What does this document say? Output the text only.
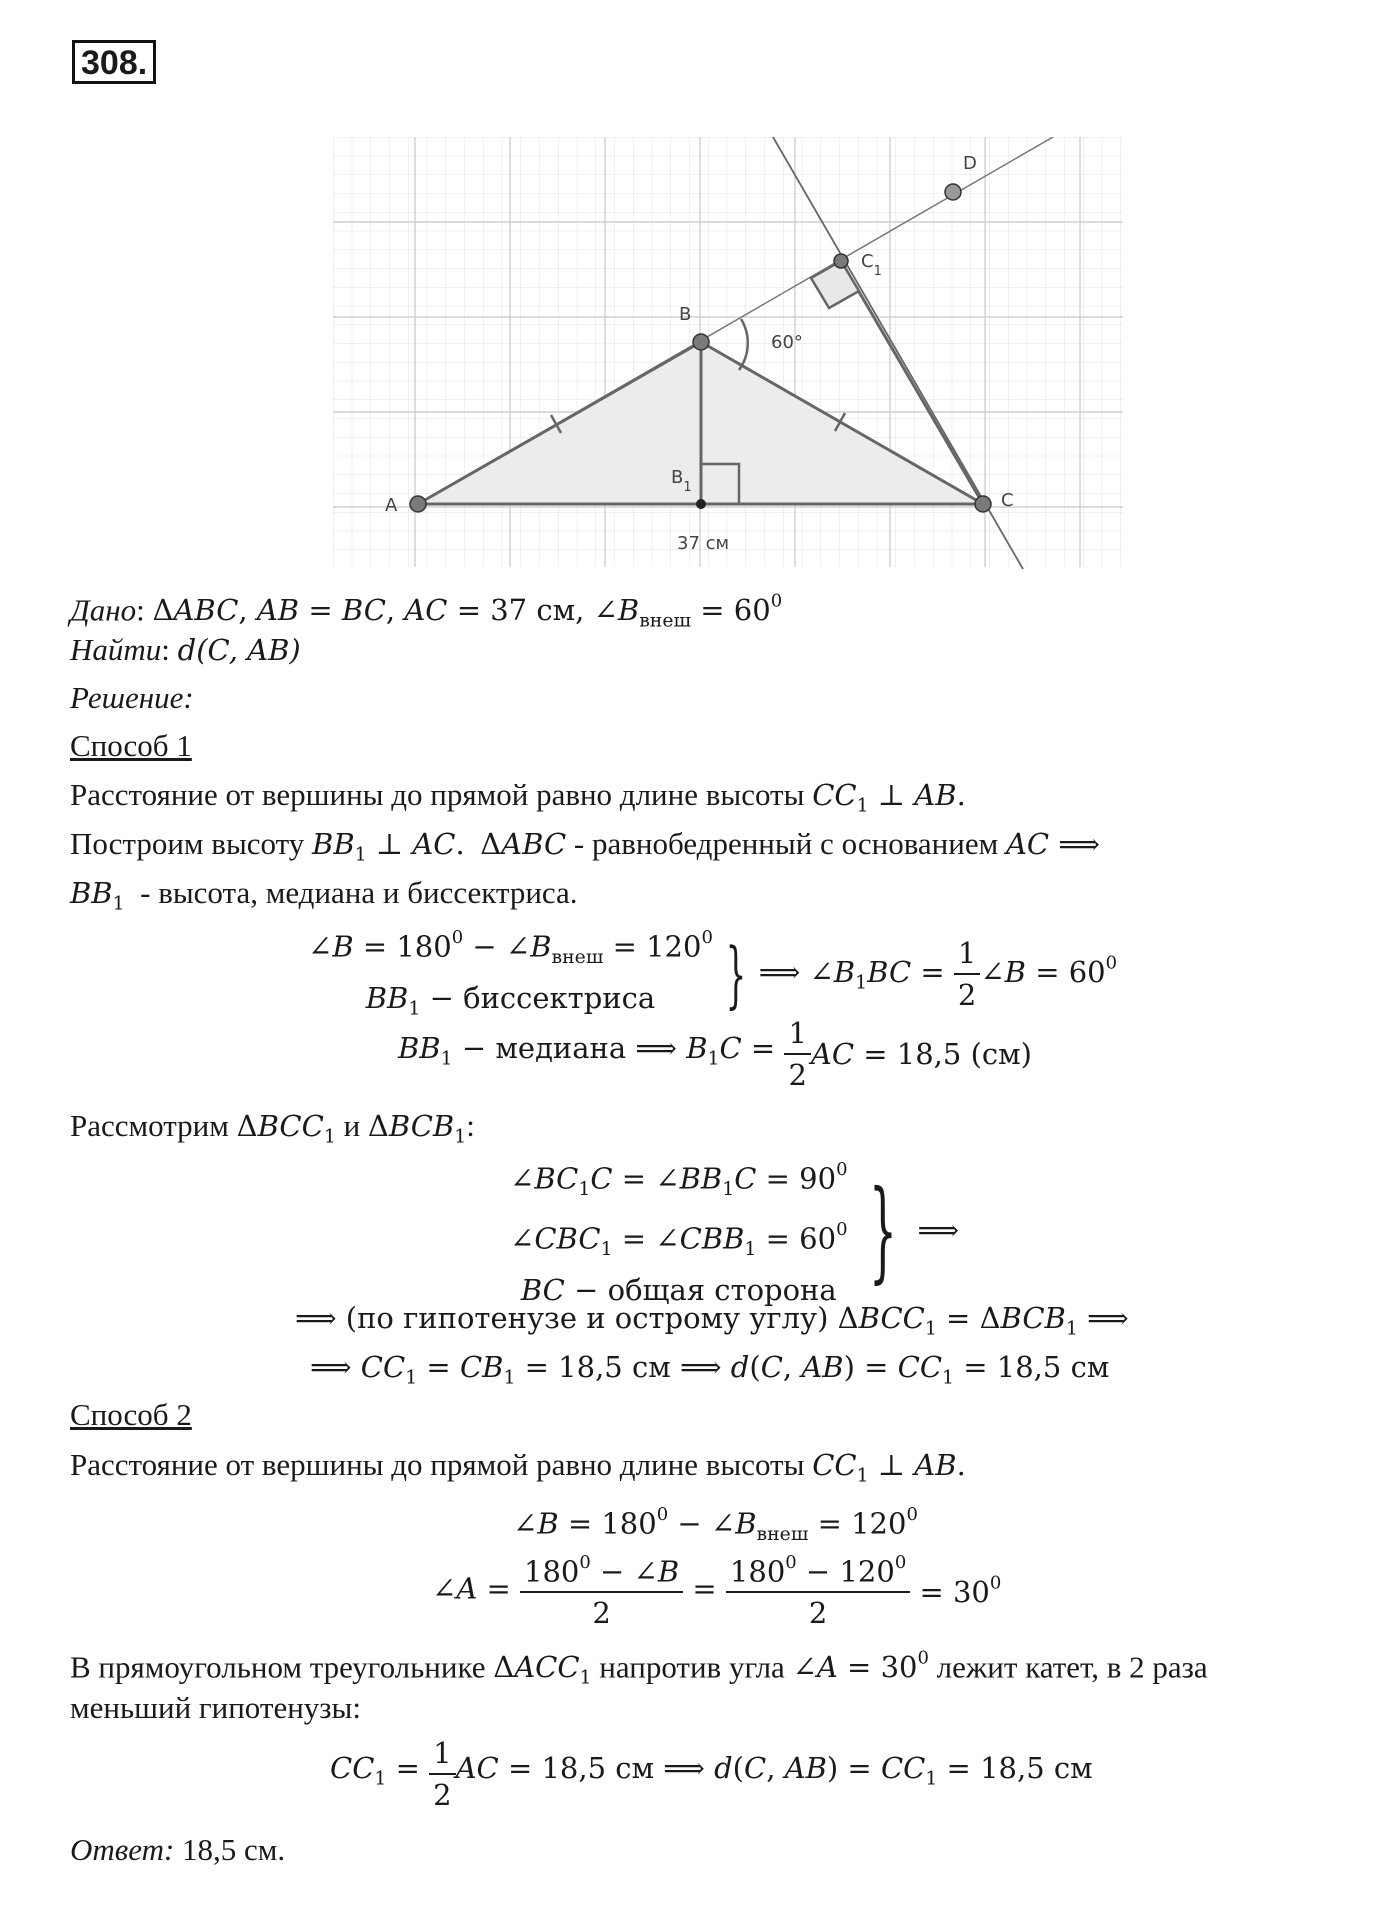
308.
A
B
C
D
$C_1$
$B_1$
60°
37 см
Дано: ΔABC, AB = BC, AC = 37 см, $\angle B_{внеш} = 60^0$
Найти: d(C, AB)
Решение:
Способ 1
Расстояние от вершины до прямой равно длине высоты $CC_1$ ⊥ AB.
Построим высоту $BB_1$ ⊥ AC. ΔABC - равнобедренный с основанием AC ⟹
$BB_1$  - высота, медиана и биссектриса.
∠B = $180^0$ − $\angle B_{внеш} = 120^0$
$BB_1$ − биссектриса } ⟹ $\angle B_1BC = \frac{1}{2}$ ∠B = $60^0$
$BB_1$ − медиана ⟹ $B_1C = \frac{1}{2}$ AC = 18,5 (см)
Рассмотрим $\Delta BCC_1$ и $\Delta BCB_1$:
$\angle BC_1C$ = $\angle BB_1C = 90^0$
$\angle CBC_1$ = $\angle CBB_1 = 60^0$
BC − общая сторона } ⟹
⟹ (по гипотенузе и острому углу) $\Delta BCC_1 = \Delta BCB_1$ ⟹
⟹ $CC_1 = CB_1 = 18,5$ см ⟹ d(C, $AB) = CC_1 = 18,5$ см
Способ 2
Расстояние от вершины до прямой равно длине высоты $CC_1$ ⊥ AB.
∠B = $180^0$ − $\angle B_{внеш} = 120^0$
∠A = $\frac{180^0 - \angle B}{2} = \frac{180^0 - 120^0}{2} = 30^0$
В прямоугольном треугольнике $\Delta ACC_1$ напротив угла ∠A = $30^0$ лежит катет, в 2 раза
меньший гипотенузы:
$CC_1 = \frac{1}{2}$ AC = 18,5 см ⟹ d(C, $AB) = CC_1 = 18,5$ см
Ответ: 18,5 см.
